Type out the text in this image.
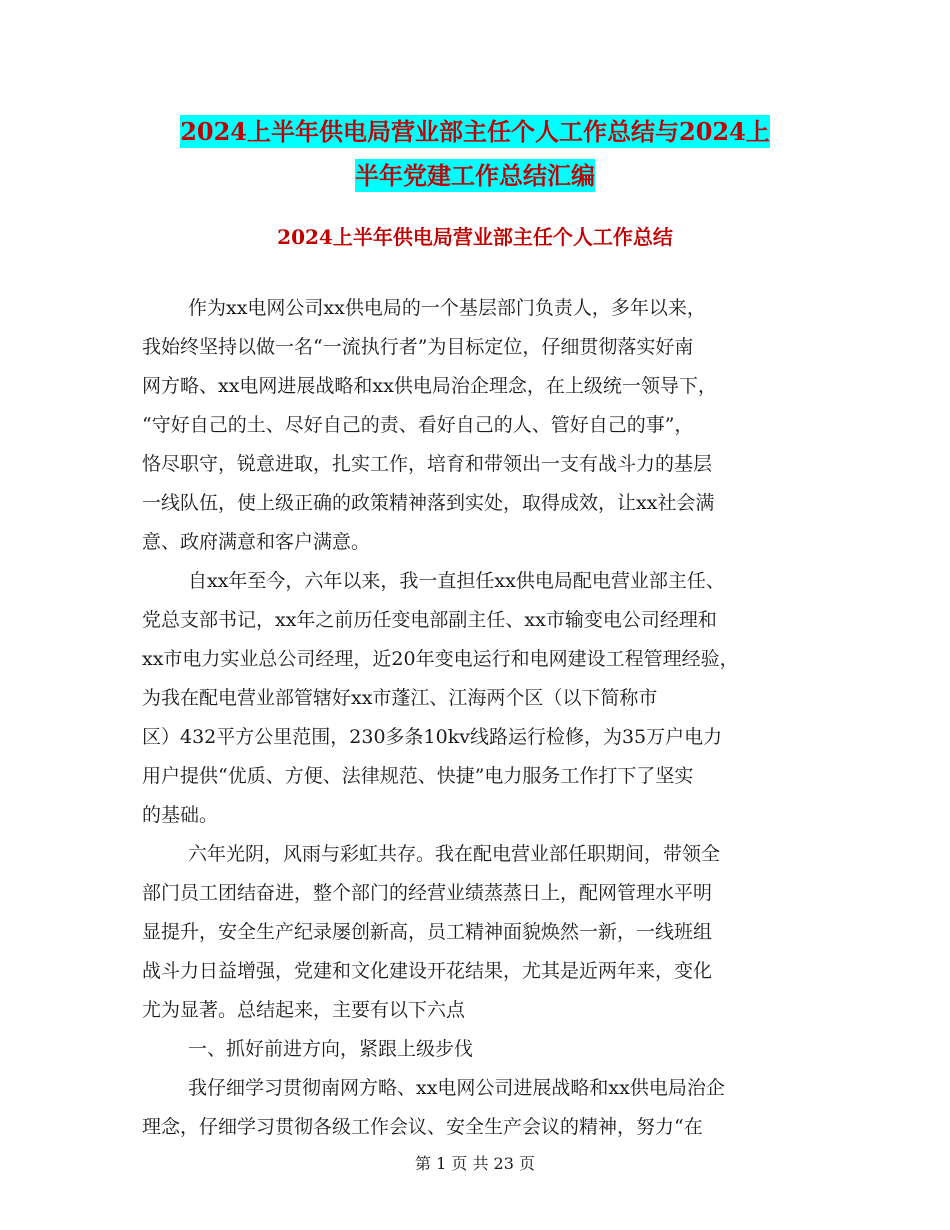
2024上半年供电局营业部主任个人工作总结与2024上
半年党建工作总结汇编
2024上半年供电局营业部主任个人工作总结

作为xx电网公司xx供电局的一个基层部门负责人，多年以来，

我始终坚持以做一名“一流执行者”为目标定位，仔细贯彻落实好南

网方略、xx电网进展战略和xx供电局治企理念，在上级统一领导下，

“守好自己的土、尽好自己的责、看好自己的人、管好自己的事”，

恪尽职守，锐意进取，扎实工作，培育和带领出一支有战斗力的基层

一线队伍，使上级正确的政策精神落到实处，取得成效，让xx社会满

意、政府满意和客户满意。

自xx年至今，六年以来，我一直担任xx供电局配电营业部主任、

党总支部书记，xx年之前历任变电部副主任、xx市输变电公司经理和

xx市电力实业总公司经理，近20年变电运行和电网建设工程管理经验，

为我在配电营业部管辖好xx市蓬江、江海两个区（以下简称市

区）432平方公里范围，230多条10kv线路运行检修，为35万户电力

用户提供“优质、方便、法律规范、快捷”电力服务工作打下了坚实

的基础。

六年光阴，风雨与彩虹共存。我在配电营业部任职期间，带领全

部门员工团结奋进，整个部门的经营业绩蒸蒸日上，配网管理水平明

显提升，安全生产纪录屡创新高，员工精神面貌焕然一新，一线班组

战斗力日益增强，党建和文化建设开花结果，尤其是近两年来，变化

尤为显著。总结起来，主要有以下六点

一、抓好前进方向，紧跟上级步伐

我仔细学习贯彻南网方略、xx电网公司进展战略和xx供电局治企

理念，仔细学习贯彻各级工作会议、安全生产会议的精神，努力“在

第 1 页 共 23 页
